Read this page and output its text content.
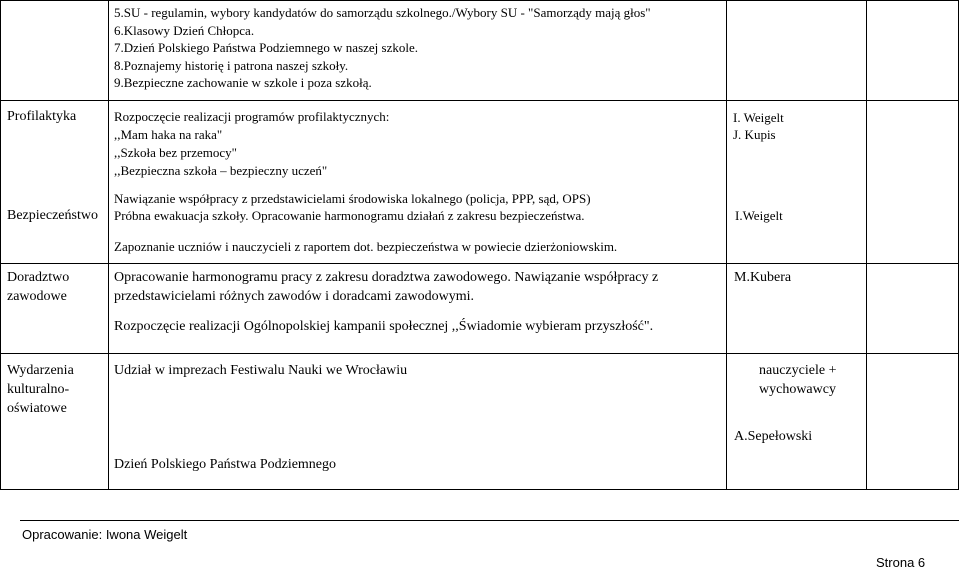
5.SU - regulamin, wybory kandydatów do samorządu szkolnego./Wybory SU - "Samorządy mają głos"
6.Klasowy Dzień Chłopca.
7.Dzień Polskiego Państwa Podziemnego w naszej szkole.
8.Poznajemy historię i patrona naszej szkoły.
9.Bezpieczne zachowanie w szkole i poza szkołą.
Profilaktyka	Rozpoczęcie realizacji programów profilaktycznych:
,,Mam haka na raka"
,,Szkoła bez przemocy"
,,Bezpieczna szkoła – bezpieczny uczeń"
I. Weigelt
J. Kupis
Bezpieczeństwo
Nawiązanie współpracy z przedstawicielami środowiska lokalnego (policja, PPP, sąd, OPS)
Próbna ewakuacja szkoły. Opracowanie harmonogramu działań z zakresu bezpieczeństwa.
Zapoznanie uczniów i nauczycieli z raportem dot. bezpieczeństwa w powiecie dzierżoniowskim.
I.Weigelt
Doradztwo
zawodowe
Opracowanie harmonogramu pracy z zakresu doradztwa zawodowego. Nawiązanie współpracy z
przedstawicielami różnych zawodów i doradcami zawodowymi.
Rozpoczęcie realizacji Ogólnopolskiej kampanii społecznej ,,Świadomie wybieram przyszłość".
M.Kubera
Wydarzenia
kulturalno-
oświatowe
Udział w imprezach Festiwalu Nauki we Wrocławiu
Dzień Polskiego Państwa Podziemnego
nauczyciele +
wychowawcy
A.Sepełowski
Opracowanie: Iwona Weigelt
Strona 6
